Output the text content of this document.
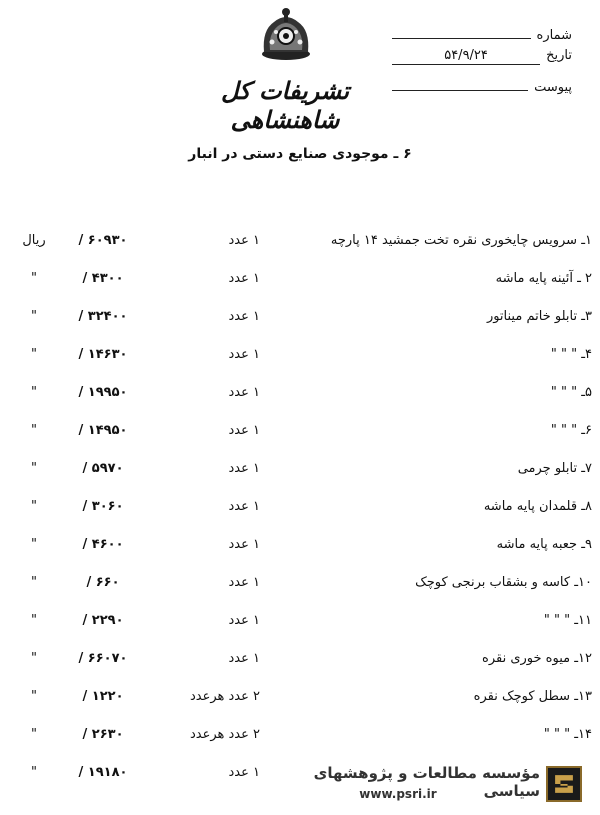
تشریفات کل شاهنشاهی
شماره
تاریخ
۵۴/۹/۲۴
پیوست
۶ ـ موجودی صنایع دستی در انبار
۱ـ سرویس چایخوری نقره تخت جمشید ۱۴ پارچه
۱ عدد
۶۰۹۳۰ /
ریال
۲ ـ آئینه پایه ماشه
۱ عدد
۴۳۰۰ /
"
۳ـ تابلو خاتم میناتور
۱ عدد
۳۲۴۰۰ /
"
۴ـ " " "
۱ عدد
۱۴۶۳۰ /
"
۵ـ " " "
۱ عدد
۱۹۹۵۰ /
"
۶ـ " " "
۱ عدد
۱۴۹۵۰ /
"
۷ـ تابلو چرمی
۱ عدد
۵۹۷۰ /
"
۸ـ قلمدان پایه ماشه
۱ عدد
۳۰۶۰ /
"
۹ـ جعبه پایه ماشه
۱ عدد
۴۶۰۰ /
"
۱۰ـ کاسه و بشقاب برنجی کوچک
۱ عدد
۶۶۰ /
"
۱۱ـ " " "
۱ عدد
۲۲۹۰ /
"
۱۲ـ میوه خوری نقره
۱ عدد
۶۶۰۷۰ /
"
۱۳ـ سطل کوچک نقره
۲ عدد هرعدد
۱۲۲۰ /
"
۱۴ـ " " "
۲ عدد هرعدد
۲۶۳۰ /
"
۱ عدد
۱۹۱۸۰ /
"	مؤسسه مطالعات و پژوهشهای سیاسی
www.psri.ir
